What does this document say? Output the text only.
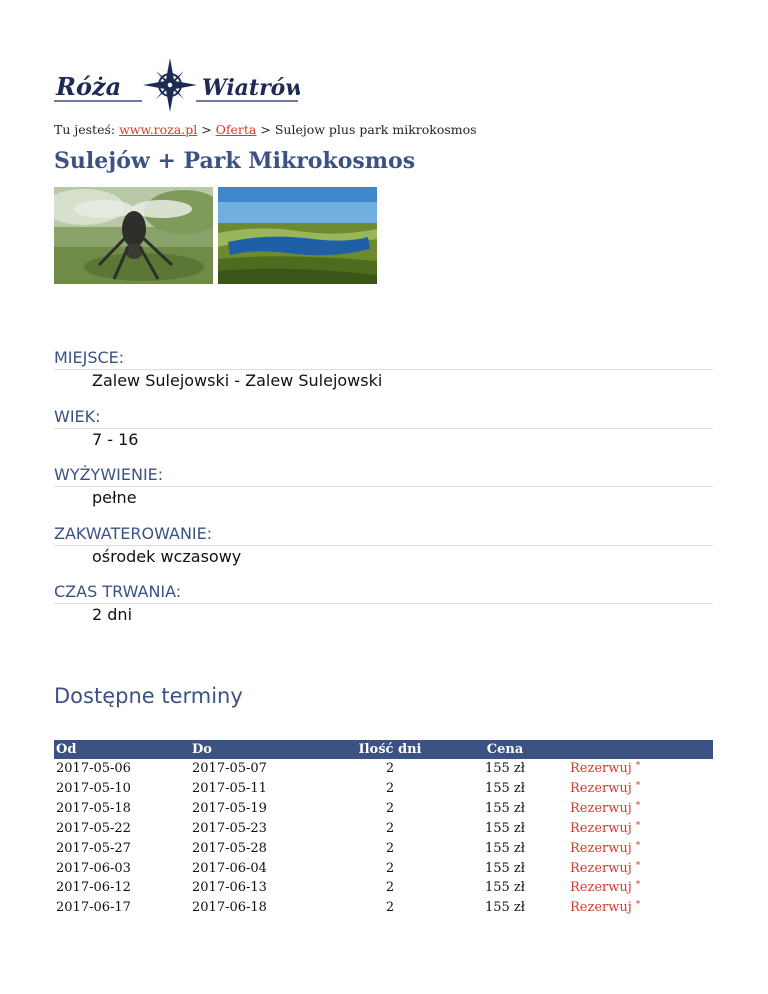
Róża	Wiatrów
Tu jesteś: www.roza.pl > Oferta > Sulejow plus park mikrokosmos
Sulejów + Park Mikrokosmos
MIEJSCE:
Zalew Sulejowski - Zalew Sulejowski
WIEK:
7 - 16
WYŻYWIENIE:
pełne
ZAKWATEROWANIE:
ośrodek wczasowy
CZAS TRWANIA:
2 dni
Dostępne terminy
Od	Do	Ilość dni	Cena	
2017-05-06	2017-05-07	2	155 zł	Rezerwuj *
2017-05-10	2017-05-11	2	155 zł	Rezerwuj *
2017-05-18	2017-05-19	2	155 zł	Rezerwuj *
2017-05-22	2017-05-23	2	155 zł	Rezerwuj *
2017-05-27	2017-05-28	2	155 zł	Rezerwuj *
2017-06-03	2017-06-04	2	155 zł	Rezerwuj *
2017-06-12	2017-06-13	2	155 zł	Rezerwuj *
2017-06-17	2017-06-18	2	155 zł	Rezerwuj *
